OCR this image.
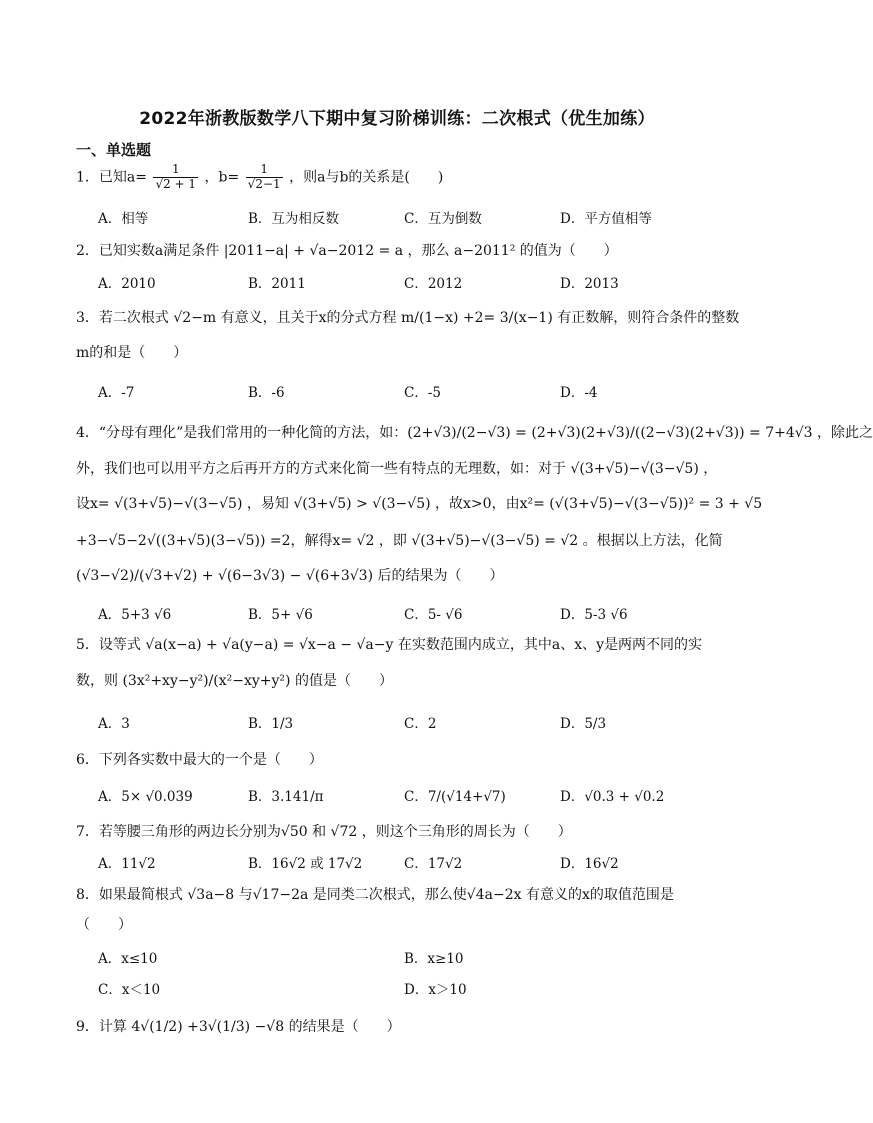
2022年浙教版数学八下期中复习阶梯训练：二次根式（优生加练）
一、单选题
1．已知$a= \frac{1}{√2 + 1}$ ，$b= \frac{1}{√2-1}$ ，则a与b的关系是(　　)
A．相等	B．互为相反数	C．互为倒数	D．平方值相等
2．已知实数a满足条件 |2011−a| + √a−2012 = a ，那么 a−2011² 的值为（　　）
A．2010	B．2011	C．2012	D．2013
3．若二次根式 √2−m 有意义，且关于x的分式方程 m/(1−x) +2= 3/(x−1) 有正数解，则符合条件的整数
m的和是（　　）
A．-7	B．-6	C．-5	D．-4
4．“分母有理化”是我们常用的一种化简的方法，如：(2+√3)/(2−√3) = (2+√3)(2+√3)/((2−√3)(2+√3)) = 7+4√3 ，除此之
外，我们也可以用平方之后再开方的方式来化简一些有特点的无理数，如：对于 √(3+√5)−√(3−√5) ，
设x= √(3+√5)−√(3−√5) ，易知 √(3+√5) > √(3−√5) ，故x>0，由x²= (√(3+√5)−√(3−√5))² = 3 + √5
+3−√5−2√((3+√5)(3−√5)) =2，解得x= √2 ，即 √(3+√5)−√(3−√5) = √2 。根据以上方法，化简
(√3−√2)/(√3+√2) + √(6−3√3) − √(6+3√3) 后的结果为（　　）
A．5+3 √6	B．5+ √6	C．5- √6	D．5-3 √6
5．设等式 √a(x−a) + √a(y−a) = √x−a − √a−y 在实数范围内成立，其中a、x、y是两两不同的实
数，则 (3x²+xy−y²)/(x²−xy+y²) 的值是（　　）
A．3	B．1/3	C．2	D．5/3
6．下列各实数中最大的一个是（　　）
A．5× √0.039	B．3.141/π	C．7/(√14+√7)	D．√0.3 + √0.2
7．若等腰三角形的两边长分别为√50 和 √72 ，则这个三角形的周长为（　　）
A．11√2	B．16√2 或 17√2	C．17√2	D．16√2
8．如果最简根式 √3a−8 与√17−2a 是同类二次根式，那么使√4a−2x 有意义的x的取值范围是
（　　）
A．x≤10	B．x≥10
C．x＜10	D．x＞10
9．计算 4√(1/2) +3√(1/3) −√8 的结果是（　　）
